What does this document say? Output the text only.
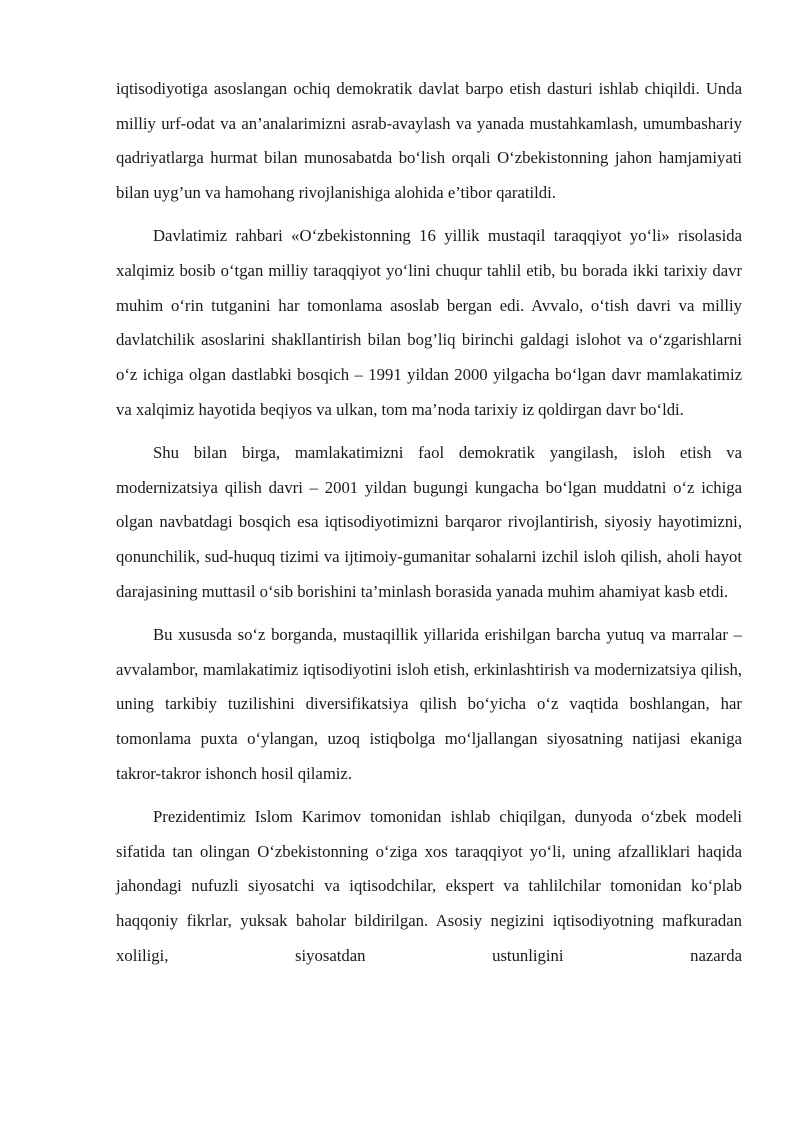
iqtisodiyotiga asoslangan ochiq demokratik davlat barpo etish dasturi ishlab chiqildi. Unda milliy urf-odat va an’analarimizni asrab-avaylash va yanada mustahkamlash, umumbashariy qadriyatlarga hurmat bilan munosabatda bo‘lish orqali O‘zbekistonning jahon hamjamiyati bilan uyg’un va hamohang rivojlanishiga alohida e’tibor qaratildi.

Davlatimiz rahbari «O‘zbekistonning 16 yillik mustaqil taraqqiyot yo‘li» risolasida xalqimiz bosib o‘tgan milliy taraqqiyot yo‘lini chuqur tahlil etib, bu borada ikki tarixiy davr muhim o‘rin tutganini har tomonlama asoslab bergan edi. Avvalo, o‘tish davri va milliy davlatchilik asoslarini shakllantirish bilan bog’liq birinchi galdagi islohot va o‘zgarishlarni o‘z ichiga olgan dastlabki bosqich – 1991 yildan 2000 yilgacha bo‘lgan davr mamlakatimiz va xalqimiz hayotida beqiyos va ulkan, tom ma’noda tarixiy iz qoldirgan davr bo‘ldi.

Shu bilan birga, mamlakatimizni faol demokratik yangilash, isloh etish va modernizatsiya qilish davri – 2001 yildan bugungi kungacha bo‘lgan muddatni o‘z ichiga olgan navbatdagi bosqich esa iqtisodiyotimizni barqaror rivojlantirish, siyosiy hayotimizni, qonunchilik, sud-huquq tizimi va ijtimoiy-gumanitar sohalarni izchil isloh qilish, aholi hayot darajasining muttasil o‘sib borishini ta’minlash borasida yanada muhim ahamiyat kasb etdi.

Bu xususda so‘z borganda, mustaqillik yillarida erishilgan barcha yutuq va marralar – avvalambor, mamlakatimiz iqtisodiyotini isloh etish, erkinlashtirish va modernizatsiya qilish, uning tarkibiy tuzilishini diversifikatsiya qilish bo‘yicha o‘z vaqtida boshlangan, har tomonlama puxta o‘ylangan, uzoq istiqbolga mo‘ljallangan siyosatning natijasi ekaniga takror-takror ishonch hosil qilamiz.

Prezidentimiz Islom Karimov tomonidan ishlab chiqilgan, dunyoda o‘zbek modeli sifatida tan olingan O‘zbekistonning o‘ziga xos taraqqiyot yo‘li, uning afzalliklari haqida jahondagi nufuzli siyosatchi va iqtisodchilar, ekspert va tahlilchilar tomonidan ko‘plab haqqoniy fikrlar, yuksak baholar bildirilgan. Asosiy negizini iqtisodiyotning mafkuradan xoliligi, siyosatdan ustunligini nazarda
